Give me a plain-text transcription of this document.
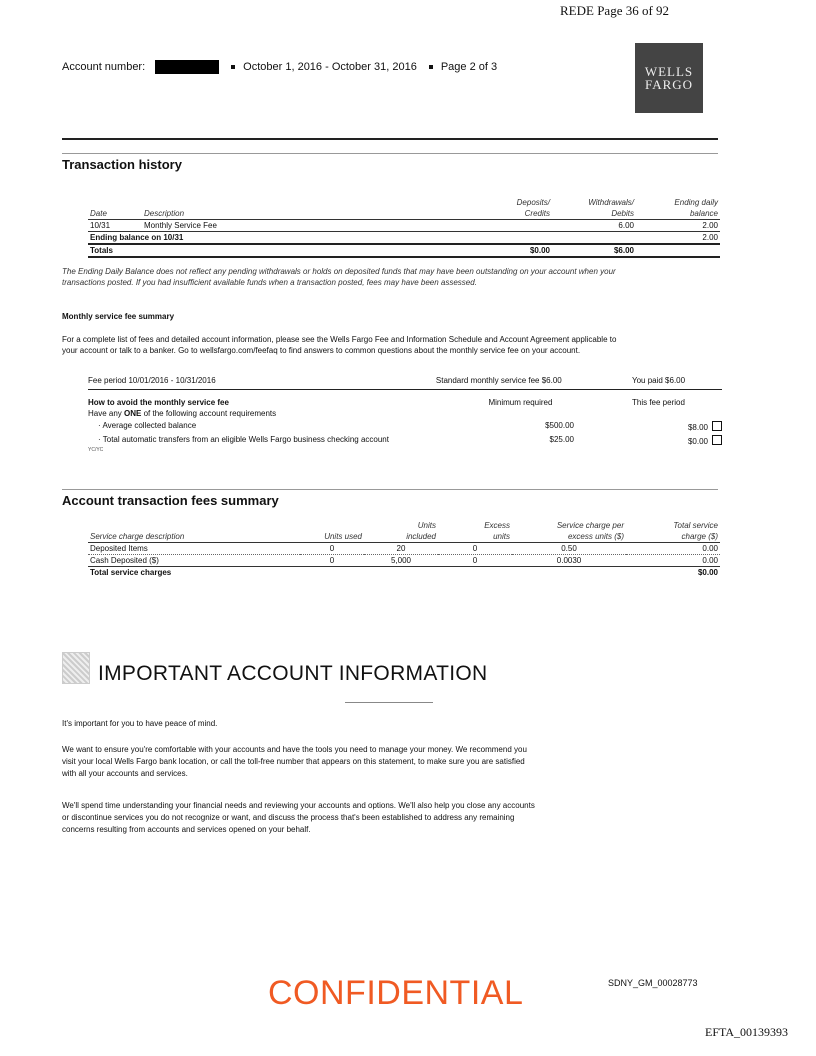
REDE Page 36 of 92
Account number:	October 1, 2016 - October 31, 2016 Page 2 of 3	WELLS
FARGO
Transaction history
		Deposits/	Withdrawals/	Ending daily
Date	Description	Credits	Debits	balance
10/31	Monthly Service Fee		6.00	2.00
Ending balance on 10/31				2.00
Totals		$0.00	$6.00	
The Ending Daily Balance does not reflect any pending withdrawals or holds on deposited funds that may have been outstanding on your account when your
transactions posted. If you had insufficient available funds when a transaction posted, fees may have been assessed.
Monthly service fee summary
For a complete list of fees and detailed account information, please see the Wells Fargo Fee and Information Schedule and Account Agreement applicable to
your account or talk to a banker. Go to wellsfargo.com/feefaq to find answers to common questions about the monthly service fee on your account.
Fee period 10/01/2016 - 10/31/2016	Standard monthly service fee $6.00	You paid $6.00
How to avoid the monthly service fee	Minimum required	This fee period
Have any ONE of the following account requirements
· Average collected balance	$500.00	$8.00
· Total automatic transfers from an eligible Wells Fargo business checking account	$25.00	$0.00
YC/YC
Account transaction fees summary
		Units	Excess	Service charge per	Total service
Service charge description	Units used	included	units	excess units ($)	charge ($)
Deposited Items	0	20	0	0.50	0.00
Cash Deposited ($)	0	5,000	0	0.0030	0.00
Total service charges					$0.00
IMPORTANT ACCOUNT INFORMATION
It's important for you to have peace of mind.
We want to ensure you're comfortable with your accounts and have the tools you need to manage your money. We recommend you
visit your local Wells Fargo bank location, or call the toll-free number that appears on this statement, to make sure you are satisfied
with all your accounts and services.
We'll spend time understanding your financial needs and reviewing your accounts and options. We'll also help you close any accounts
or discontinue services you do not recognize or want, and discuss the process that's been established to address any remaining
concerns resulting from accounts and services opened on your behalf.
CONFIDENTIAL	SDNY_GM_00028773
EFTA_00139393
